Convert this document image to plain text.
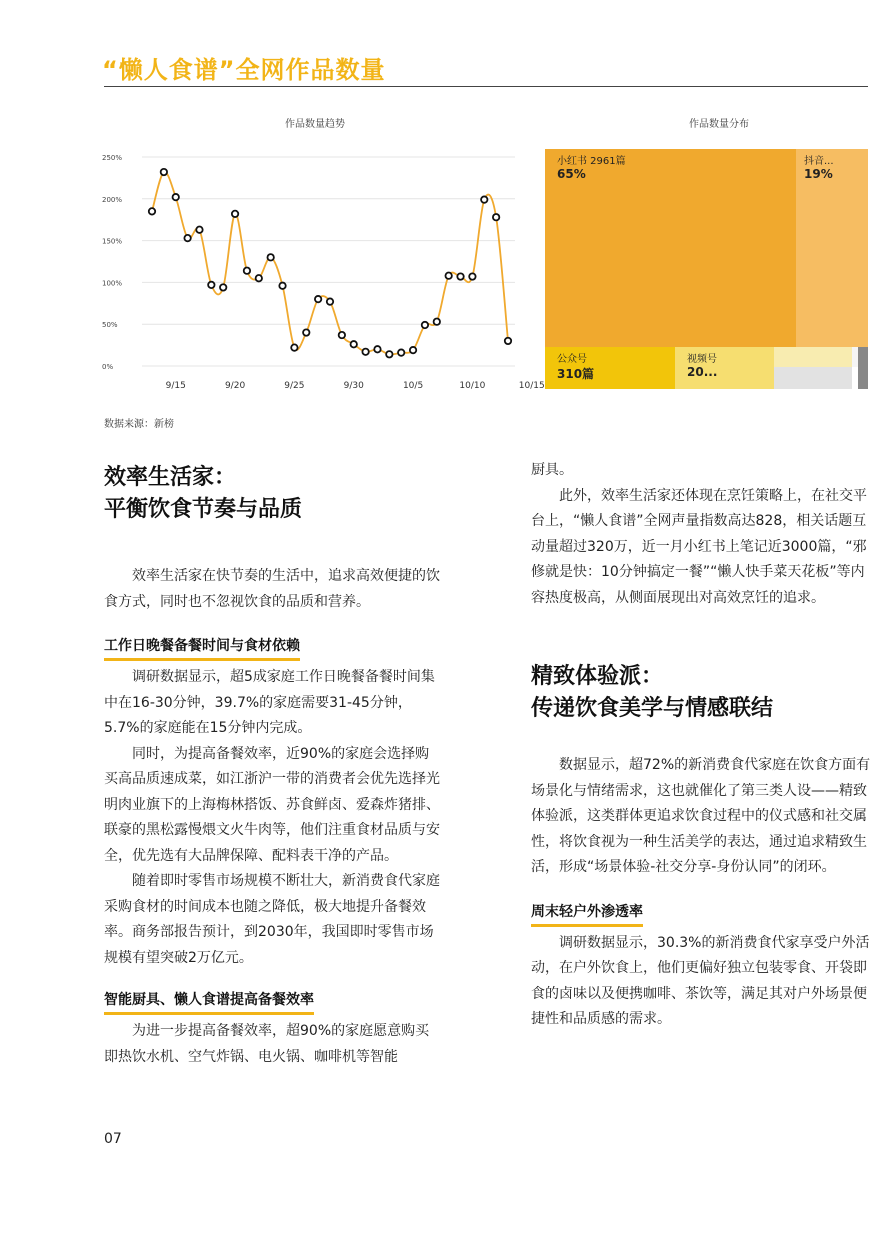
“懒人食谱”全网作品数量
作品数量趋势
0%
50%
100%
150%
200%
250%
9/15	9/20	9/25	9/30	10/5	10/10	10/15
作品数量分布
小红书 2961篇
65%
抖音...
19%
公众号
310篇
视频号
20...
数据来源：新榜
效率生活家：
平衡饮食节奏与品质

效率生活家在快节奏的生活中，追求高效便捷的饮食方式，同时也不忽视饮食的品质和营养。

工作日晚餐备餐时间与食材依赖

调研数据显示，超5成家庭工作日晚餐备餐时间集中在16-30分钟，39.7%的家庭需要31-45分钟，5.7%的家庭能在15分钟内完成。

同时，为提高备餐效率，近90%的家庭会选择购买高品质速成菜，如江浙沪一带的消费者会优先选择光明肉业旗下的上海梅林搭饭、苏食鲜卤、爱森炸猪排、联豪的黑松露慢煨文火牛肉等，他们注重食材品质与安全，优先选有大品牌保障、配料表干净的产品。

随着即时零售市场规模不断壮大，新消费食代家庭采购食材的时间成本也随之降低，极大地提升备餐效率。商务部报告预计，到2030年，我国即时零售市场规模有望突破2万亿元。

智能厨具、懒人食谱提高备餐效率

为进一步提高备餐效率，超90%的家庭愿意购买即热饮水机、空气炸锅、电火锅、咖啡机等智能

厨具。

此外，效率生活家还体现在烹饪策略上，在社交平台上，“懒人食谱”全网声量指数高达828，相关话题互动量超过320万，近一月小红书上笔记近3000篇，“邪修就是快：10分钟搞定一餐”“懒人快手菜天花板”等内容热度极高，从侧面展现出对高效烹饪的追求。

精致体验派：
传递饮食美学与情感联结

数据显示，超72%的新消费食代家庭在饮食方面有场景化与情绪需求，这也就催化了第三类人设——精致体验派，这类群体更追求饮食过程中的仪式感和社交属性，将饮食视为一种生活美学的表达，通过追求精致生活，形成“场景体验-社交分享-身份认同”的闭环。

周末轻户外渗透率

调研数据显示，30.3%的新消费食代家享受户外活动，在户外饮食上，他们更偏好独立包装零食、开袋即食的卤味以及便携咖啡、茶饮等，满足其对户外场景便捷性和品质感的需求。

07
